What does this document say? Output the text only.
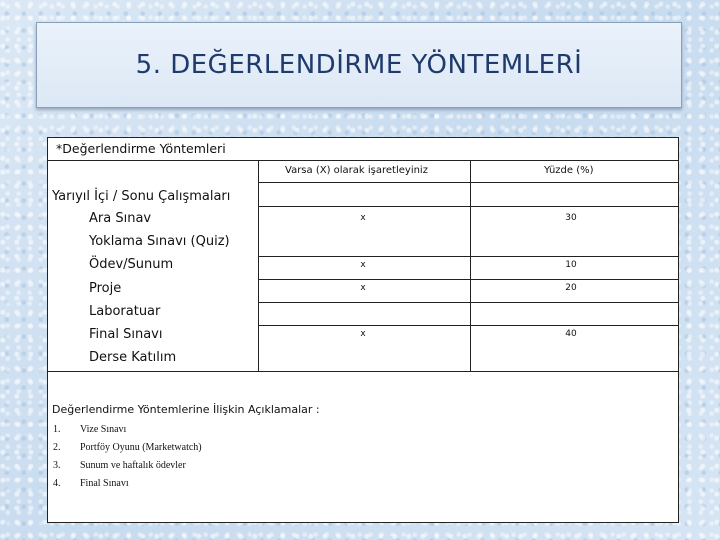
5. DEĞERLENDİRME YÖNTEMLERİ
*Değerlendirme Yöntemleri
Varsa (X) olarak işaretleyiniz	Yüzde (%)
Yarıyıl İçi / Sonu Çalışmaları
Ara Sınav	x	30
Yoklama Sınavı (Quiz)
Ödev/Sunum	x	10
Proje	x	20
Laboratuar
Final Sınavı	x	40
Derse Katılım
Değerlendirme Yöntemlerine İlişkin Açıklamalar :
1. Vize Sınavı
2. Portföy Oyunu (Marketwatch)
3. Sunum ve haftalık ödevler
4. Final Sınavı
